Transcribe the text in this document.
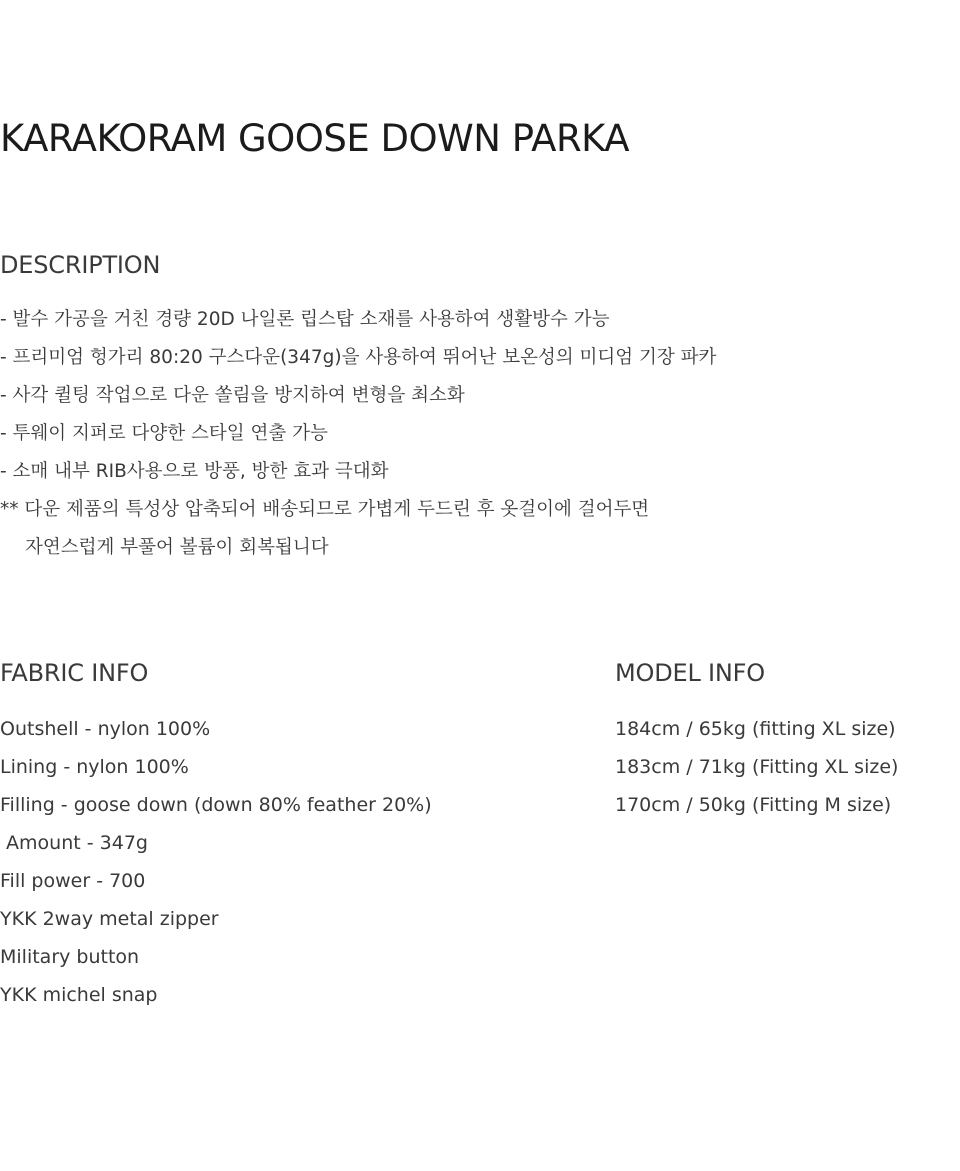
KARAKORAM GOOSE DOWN PARKA
DESCRIPTION
- 발수 가공을 거친 경량 20D 나일론 립스탑 소재를 사용하여 생활방수 가능
- 프리미엄 헝가리 80:20 구스다운(347g)을 사용하여 뛰어난 보온성의 미디엄 기장 파카
- 사각 퀼팅 작업으로 다운 쏠림을 방지하여 변형을 최소화
- 투웨이 지퍼로 다양한 스타일 연출 가능
- 소매 내부 RIB사용으로 방풍, 방한 효과 극대화
** 다운 제품의 특성상 압축되어 배송되므로 가볍게 두드린 후 옷걸이에 걸어두면
자연스럽게 부풀어 볼륨이 회복됩니다
FABRIC INFO
Outshell - nylon 100%
Lining - nylon 100%
Filling - goose down (down 80% feather 20%)
Amount - 347g
Fill power - 700
YKK 2way metal zipper
Military button
YKK michel snap
MODEL INFO
184cm / 65kg (fitting XL size)
183cm / 71kg (Fitting XL size)
170cm / 50kg (Fitting M size)
